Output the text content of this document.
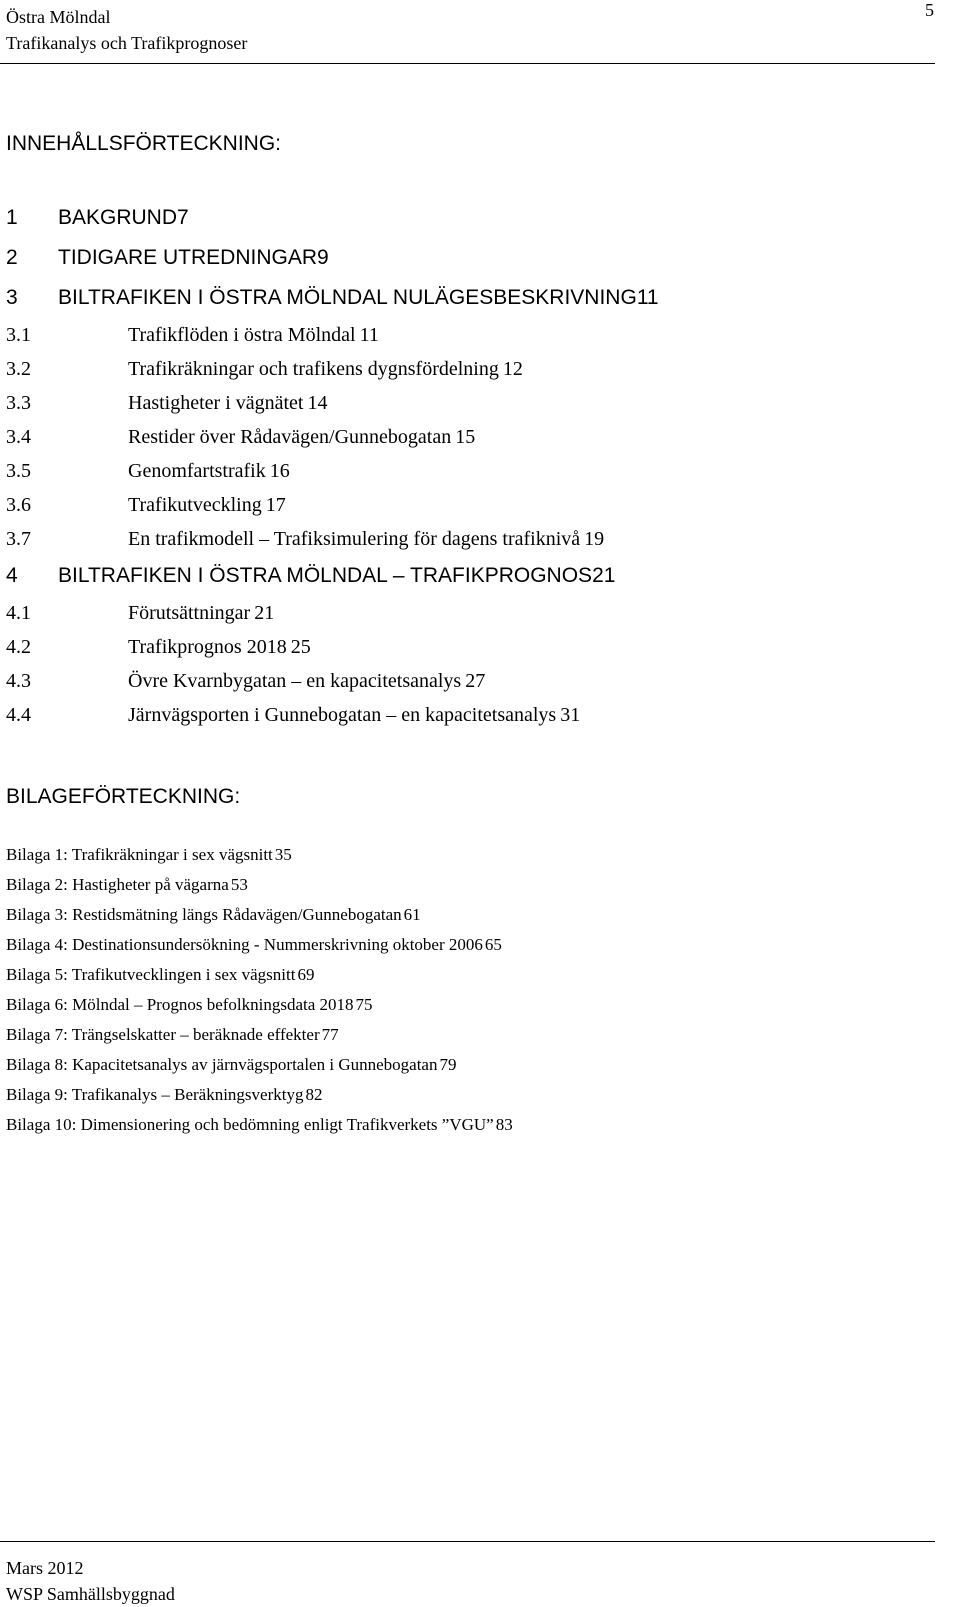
Östra Mölndal
Trafikanalys och Trafikprognoser
5
INNEHÅLLSFÖRTECKNING:
1	BAKGRUND 7
2	TIDIGARE UTREDNINGAR 9
3	BILTRAFIKEN I ÖSTRA MÖLNDAL NULÄGESBESKRIVNING 11
3.1	Trafikflöden i östra Mölndal 11
3.2	Trafikräkningar och trafikens dygnsfördelning 12
3.3	Hastigheter i vägnätet 14
3.4	Restider över Rådavägen/Gunnebogatan 15
3.5	Genomfartstrafik 16
3.6	Trafikutveckling 17
3.7	En trafikmodell – Trafiksimulering för dagens trafiknivå 19
4	BILTRAFIKEN I ÖSTRA MÖLNDAL – TRAFIKPROGNOS 21
4.1	Förutsättningar 21
4.2	Trafikprognos 2018 25
4.3	Övre Kvarnbygatan – en kapacitetsanalys 27
4.4	Järnvägsporten i Gunnebogatan – en kapacitetsanalys 31
BILAGEFÖRTECKNING:
Bilaga 1: Trafikräkningar i sex vägsnitt 35
Bilaga 2: Hastigheter på vägarna 53
Bilaga 3: Restidsmätning längs Rådavägen/Gunnebogatan 61
Bilaga 4: Destinationsundersökning - Nummerskrivning oktober 2006 65
Bilaga 5: Trafikutvecklingen i sex vägsnitt 69
Bilaga 6: Mölndal – Prognos befolkningsdata 2018 75
Bilaga 7: Trängselskatter – beräknade effekter 77
Bilaga 8: Kapacitetsanalys av järnvägsportalen i Gunnebogatan 79
Bilaga 9: Trafikanalys – Beräkningsverktyg 82
Bilaga 10: Dimensionering och bedömning enligt Trafikverkets ”VGU” 83
Mars 2012
WSP Samhällsbyggnad
